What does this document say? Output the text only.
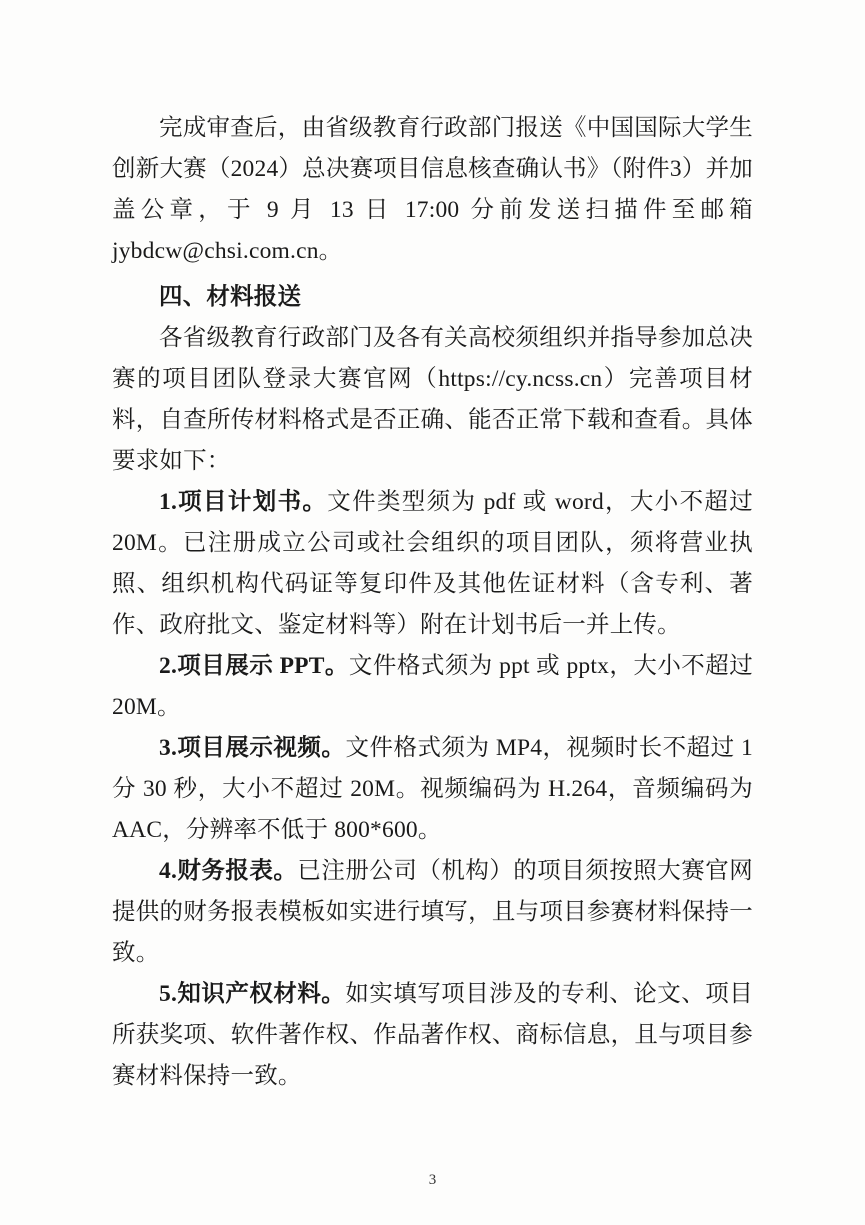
完成审查后，由省级教育行政部门报送《中国国际大学生创新大赛（2024）总决赛项目信息核查确认书》（附件3）并加盖公章，于 9 月 13 日 17:00 分前发送扫描件至邮箱 jybdcw@chsi.com.cn。

四、材料报送

各省级教育行政部门及各有关高校须组织并指导参加总决赛的项目团队登录大赛官网（https://cy.ncss.cn）完善项目材料，自查所传材料格式是否正确、能否正常下载和查看。具体要求如下：

1.项目计划书。文件类型须为 pdf 或 word，大小不超过 20M。已注册成立公司或社会组织的项目团队，须将营业执照、组织机构代码证等复印件及其他佐证材料（含专利、著作、政府批文、鉴定材料等）附在计划书后一并上传。

2.项目展示 PPT。文件格式须为 ppt 或 pptx，大小不超过 20M。

3.项目展示视频。文件格式须为 MP4，视频时长不超过 1 分 30 秒，大小不超过 20M。视频编码为 H.264，音频编码为 AAC，分辨率不低于 800*600。

4.财务报表。已注册公司（机构）的项目须按照大赛官网提供的财务报表模板如实进行填写，且与项目参赛材料保持一致。

5.知识产权材料。如实填写项目涉及的专利、论文、项目所获奖项、软件著作权、作品著作权、商标信息，且与项目参赛材料保持一致。

3
